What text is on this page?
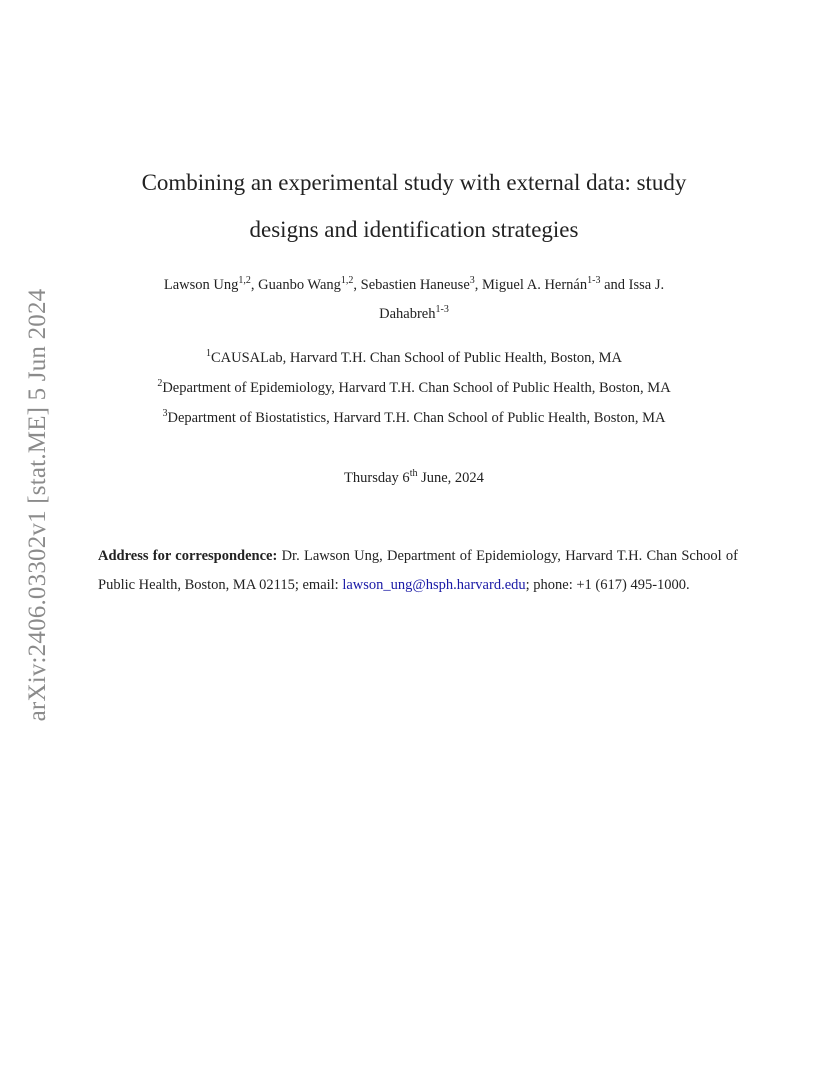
arXiv:2406.03302v1 [stat.ME] 5 Jun 2024
Combining an experimental study with external data: study
designs and identification strategies
Lawson Ung$^{1,2}$, Guanbo Wang$^{1,2}$, Sebastien Haneuse$^3$, Miguel A. Hernán$^{1-3}$ and Issa J.
Dahabreh$^{1-3}$
$^1$CAUSALab, Harvard T.H. Chan School of Public Health, Boston, MA
$^2$Department of Epidemiology, Harvard T.H. Chan School of Public Health, Boston, MA
$^3$Department of Biostatistics, Harvard T.H. Chan School of Public Health, Boston, MA
Thursday 6th June, 2024
Address for correspondence: Dr. Lawson Ung, Department of Epidemiology, Harvard T.H. Chan School of Public Health, Boston, MA 02115; email: lawson_ung@hsph.harvard.edu; phone: +1 (617) 495-1000.
